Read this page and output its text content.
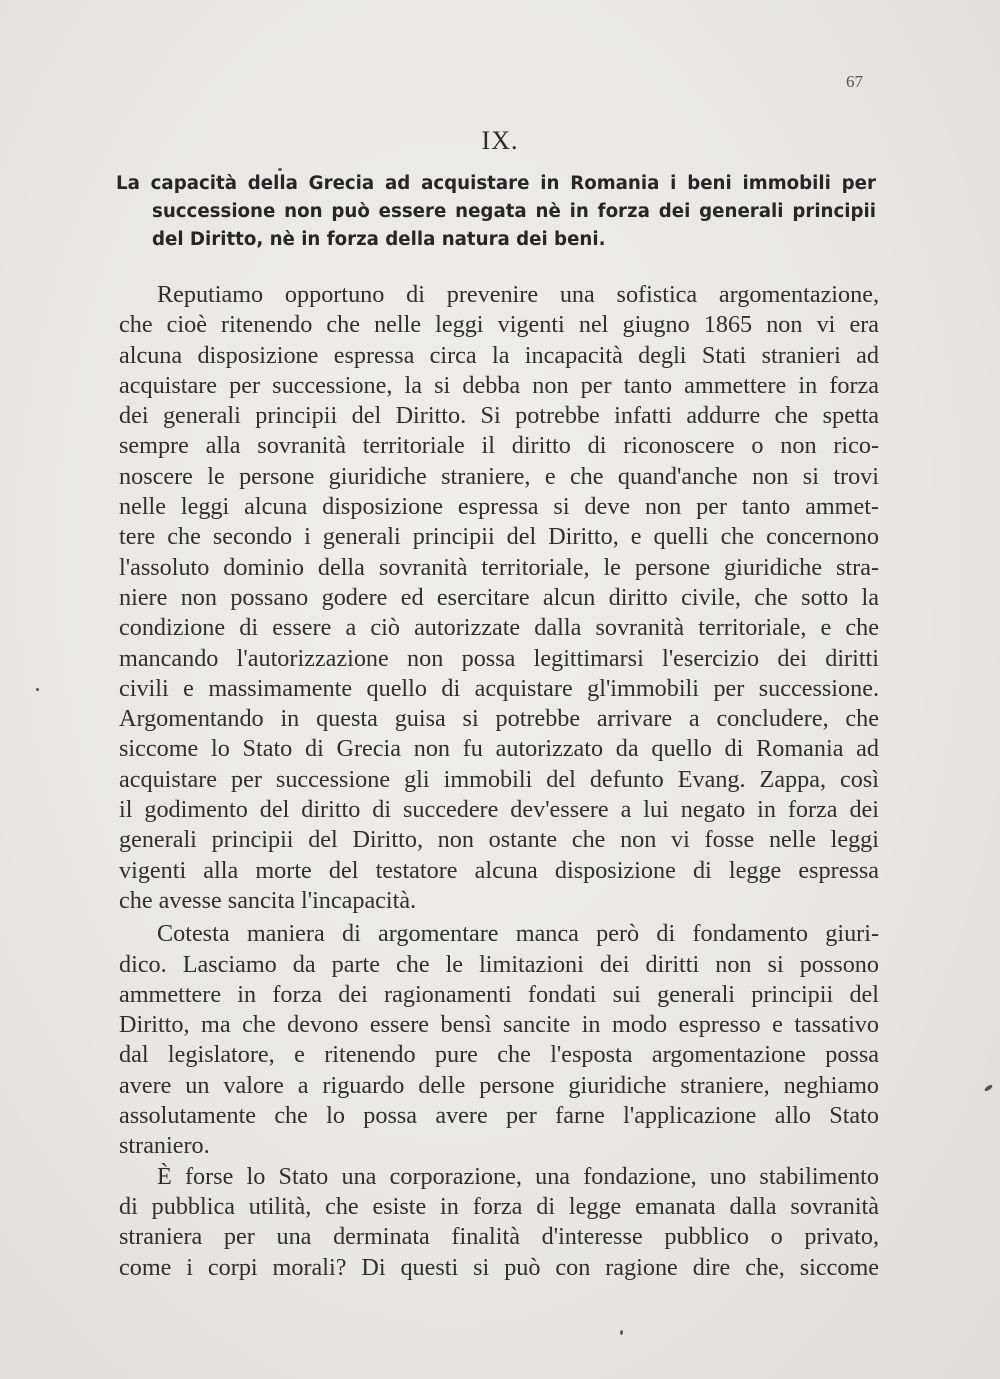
67
IX.
La capacità della Grecia ad acquistare in Romania i beni immobili per
successione non può essere negata nè in forza dei generali principii
del Diritto, nè in forza della natura dei beni.
Reputiamo opportuno di prevenire una sofistica argomentazione,
che cioè ritenendo che nelle leggi vigenti nel giugno 1865 non vi era
alcuna disposizione espressa circa la incapacità degli Stati stranieri ad
acquistare per successione, la si debba non per tanto ammettere in forza
dei generali principii del Diritto. Si potrebbe infatti addurre che spetta
sempre alla sovranità territoriale il diritto di riconoscere o non rico-
noscere le persone giuridiche straniere, e che quand'anche non si trovi
nelle leggi alcuna disposizione espressa si deve non per tanto ammet-
tere che secondo i generali principii del Diritto, e quelli che concernono
l'assoluto dominio della sovranità territoriale, le persone giuridiche stra-
niere non possano godere ed esercitare alcun diritto civile, che sotto la
condizione di essere a ciò autorizzate dalla sovranità territoriale, e che
mancando l'autorizzazione non possa legittimarsi l'esercizio dei diritti
civili e massimamente quello di acquistare gl'immobili per successione.
Argomentando in questa guisa si potrebbe arrivare a concludere, che
siccome lo Stato di Grecia non fu autorizzato da quello di Romania ad
acquistare per successione gli immobili del defunto Evang. Zappa, così
il godimento del diritto di succedere dev'essere a lui negato in forza dei
generali principii del Diritto, non ostante che non vi fosse nelle leggi
vigenti alla morte del testatore alcuna disposizione di legge espressa
che avesse sancita l'incapacità.
Cotesta maniera di argomentare manca però di fondamento giuri-
dico. Lasciamo da parte che le limitazioni dei diritti non si possono
ammettere in forza dei ragionamenti fondati sui generali principii del
Diritto, ma che devono essere bensì sancite in modo espresso e tassativo
dal legislatore, e ritenendo pure che l'esposta argomentazione possa
avere un valore a riguardo delle persone giuridiche straniere, neghiamo
assolutamente che lo possa avere per farne l'applicazione allo Stato
straniero.
È forse lo Stato una corporazione, una fondazione, uno stabilimento
di pubblica utilità, che esiste in forza di legge emanata dalla sovranità
straniera per una derminata finalità d'interesse pubblico o privato,
come i corpi morali? Di questi si può con ragione dire che, siccome
